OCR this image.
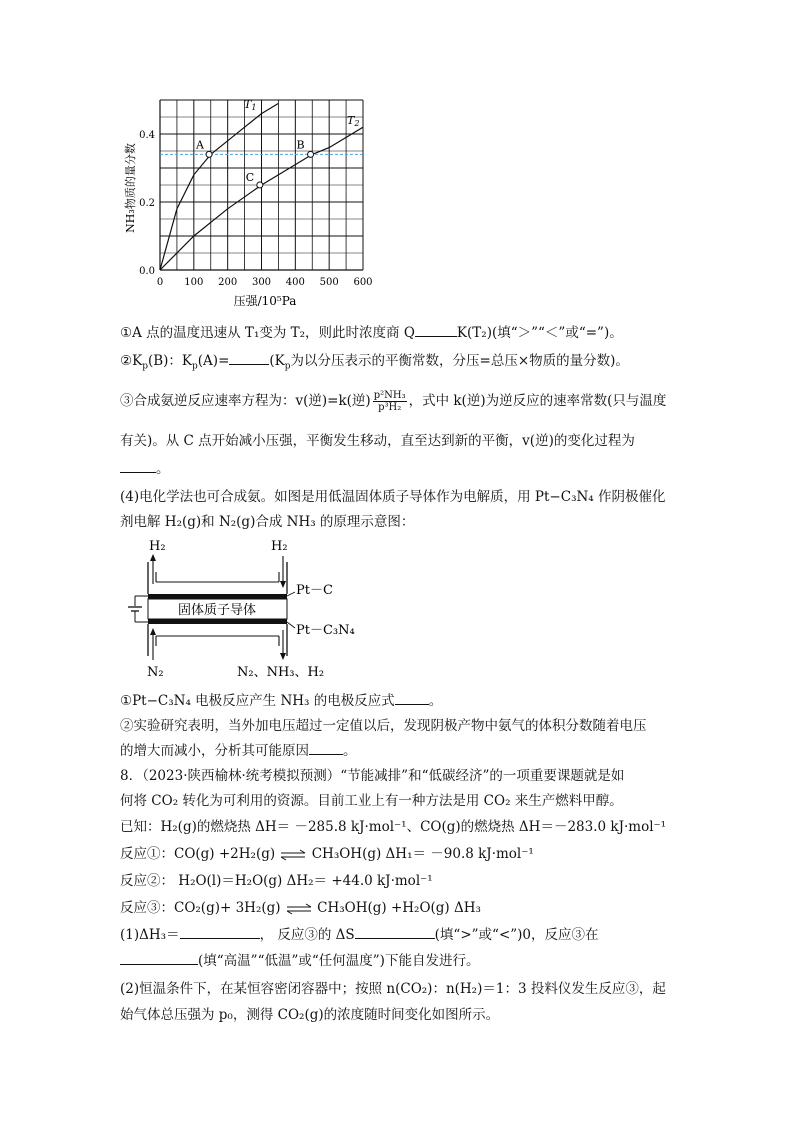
T1
T2
A	B
C
0 100 200 300 400 500 600
0.0
0.2
0.4
压强/10⁵Pa
NH₃物质的量分数
①A 点的温度迅速从 T₁变为 T₂，则此时浓度商 Q	K(T₂)(填“＞”“＜”或“=”)。
$②K_p(B)$：$K_p(A)=$	($K_p$为以分压表示的平衡常数，分压=总压×物质的量分数)。
③合成氨逆反应速率方程为：v(逆)=k(逆) $\frac{\text{p²NH₃}}{\text{p³H₂}}$ ，式中 k(逆)为逆反应的速率常数(只与温度
有关)。从 C 点开始减小压强，平衡发生移动，直至达到新的平衡，v(逆)的变化过程为
。
(4)电化学法也可合成氨。如图是用低温固体质子导体作为电解质，用 Pt−C₃N₄ 作阴极催化
剂电解 H₂(g)和 N₂(g)合成 NH₃ 的原理示意图：
H₂	H₂
Pt－C
Pt－C₃N₄
固体质子导体
N₂	N₂、NH₃、H₂
①Pt−C₃N₄ 电极反应产生 NH₃ 的电极反应式	。
②实验研究表明，当外加电压超过一定值以后，发现阴极产物中氨气的体积分数随着电压
的增大而减小，分析其可能原因	。
8．（2023·陕西榆林·统考模拟预测）“节能减排”和“低碳经济”的一项重要课题就是如
何将 CO₂ 转化为可利用的资源。目前工业上有一种方法是用 CO₂ 来生产燃料甲醇。
已知：H₂(g)的燃烧热 ΔH＝ －285.8 kJ·mol⁻¹、CO(g)的燃烧热 ΔH＝－283.0 kJ·mol⁻¹
反应①：CO(g) +2H₂(g) ⇌ CH₃OH(g) ΔH₁＝ －90.8 kJ·mol⁻¹
反应②： H₂O(l)＝H₂O(g) ΔH₂＝ +44.0 kJ·mol⁻¹
反应③：CO₂(g)+ 3H₂(g) ⇌ CH₃OH(g) +H₂O(g) ΔH₃
(1)ΔH₃＝	， 反应③的 ΔS	(填“>”或“<”)0，反应③在
(填“高温”“低温”或“任何温度”)下能自发进行。
(2)恒温条件下，在某恒容密闭容器中；按照 n(CO₂)：n(H₂)＝1：3 投料仪发生反应③，起
始气体总压强为 p₀，测得 CO₂(g)的浓度随时间变化如图所示。
